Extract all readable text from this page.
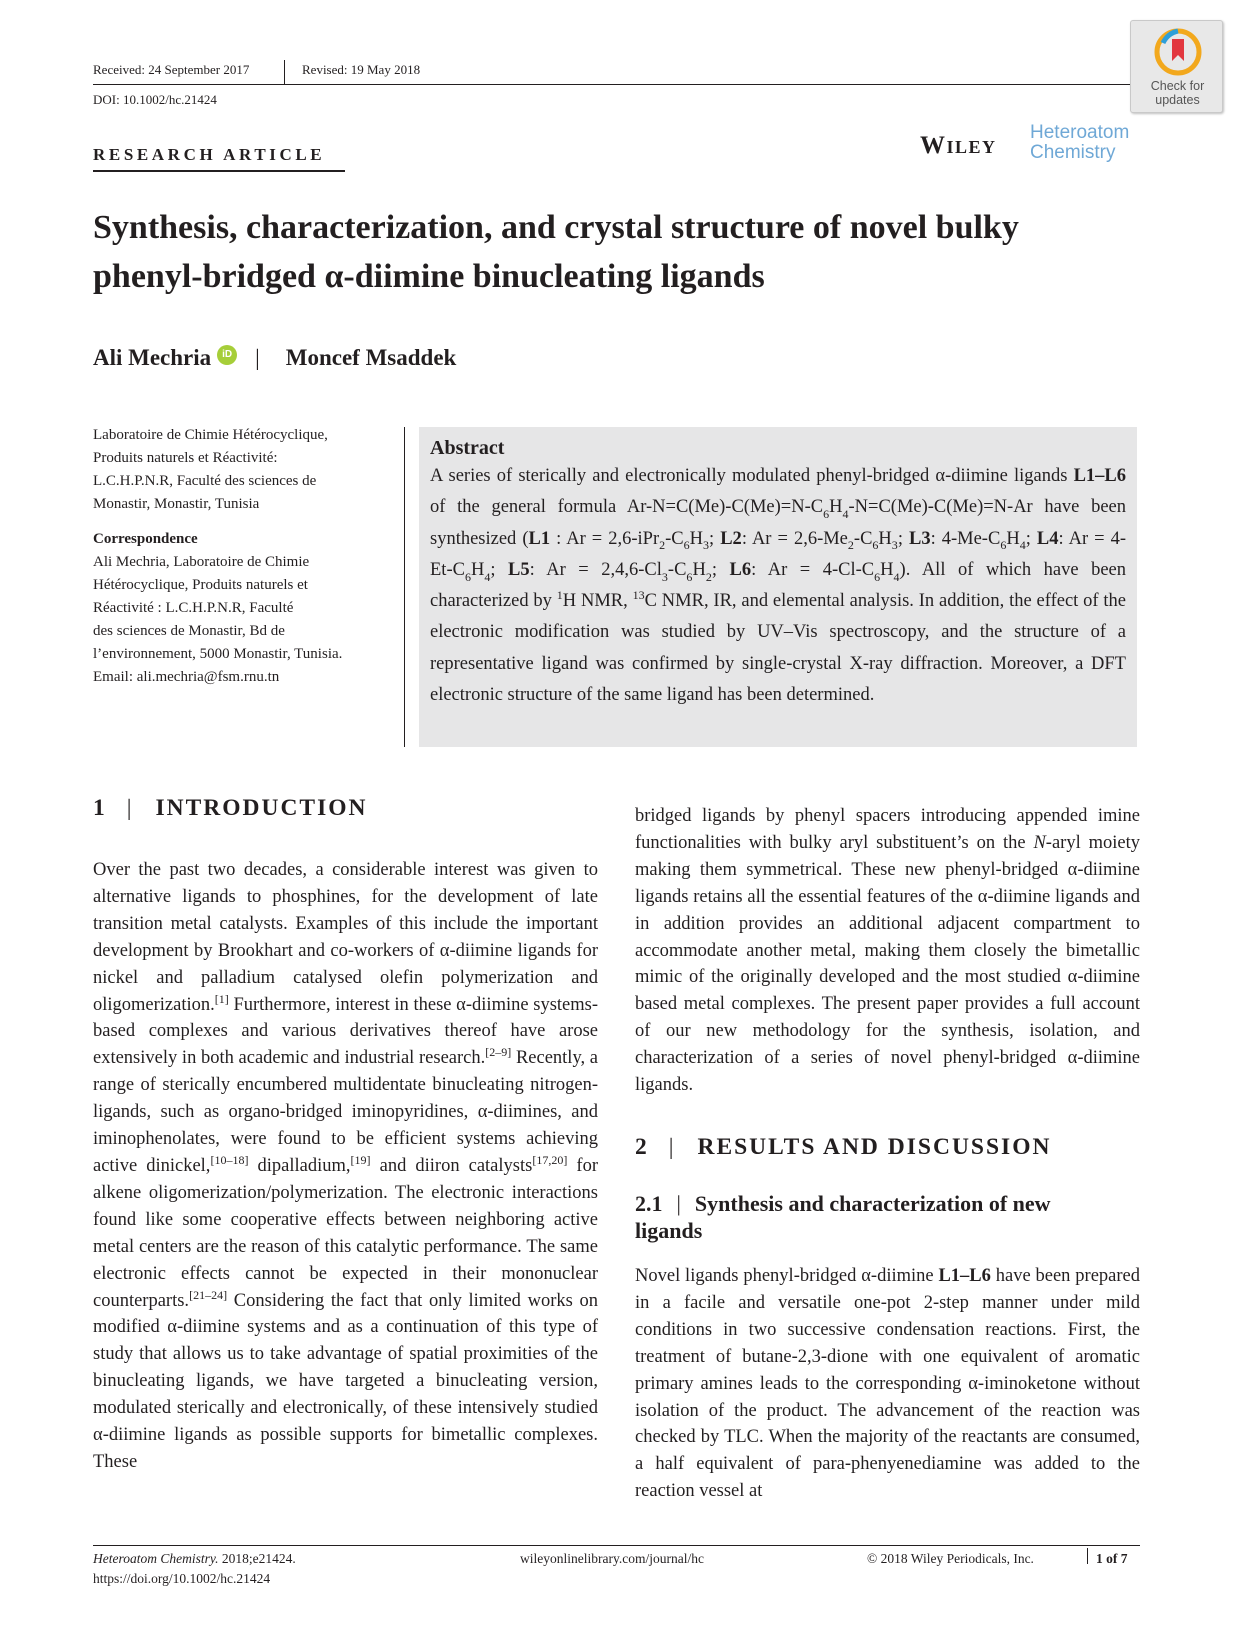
Received: 24 September 2017	Revised: 19 May 2018
DOI: 10.1002/hc.21424
Check for
updates
RESEARCH ARTICLE	Wiley Heteroatom
Chemistry
Synthesis, characterization, and crystal structure of novel bulky
phenyl-bridged α-diimine binucleating ligands
Ali Mechria	iD | Moncef Msaddek
Laboratoire de Chimie Hétérocyclique,
Produits naturels et Réactivité:
L.C.H.P.N.R, Faculté des sciences de
Monastir, Monastir, Tunisia
Correspondence
Ali Mechria, Laboratoire de Chimie
Hétérocyclique, Produits naturels et
Réactivité : L.C.H.P.N.R, Faculté
des sciences de Monastir, Bd de
l’environnement, 5000 Monastir, Tunisia.
Email: ali.mechria@fsm.rnu.tn
Abstract

A series of sterically and electronically modulated phenyl-bridged α-diimine ligands L1–L6 of the general formula $Ar-N=C(Me)-C(Me)=N-C_6H_4-N=C(Me)-C(Me)=N-Ar$ have been synthesized (L1 : $Ar = 2,6-iPr_2-C_6H_3$; L2: $Ar = 2,6-Me_2-C_6H_3$; L3: $4-Me-C_6H_4$; L4: $Ar = 4-Et-C_6H_4$; L5: $Ar = 2,4,6-Cl_3-C_6H_2$; L6: $Ar = 4-Cl-C_6H_4$). All of which have been characterized by $^1$H NMR, $^{13}$C NMR, IR, and elemental analysis. In addition, the effect of the electronic modification was studied by UV–Vis spectroscopy, and the structure of a representative ligand was confirmed by single-crystal X-ray diffraction. Moreover, a DFT electronic structure of the same ligand has been determined.

1 | INTRODUCTION
2 | RESULTS AND DISCUSSION
2.1 | Synthesis and characterization of new
ligands
Over the past two decades, a considerable interest was given to alternative ligands to phosphines, for the development of late transition metal catalysts. Examples of this include the important development by Brookhart and co-workers of α-diimine ligands for nickel and palladium catalysed olefin polymerization and oligomerization.[1] Furthermore, interest in these α-diimine systems-based complexes and various derivatives thereof have arose extensively in both academic and industrial research.[2–9] Recently, a range of sterically encumbered multidentate binucleating nitrogen-ligands, such as organo-bridged iminopyridines, α-diimines, and iminophenolates, were found to be efficient systems achieving active dinickel,[10–18] dipalladium,[19] and diiron catalysts[17,20] for alkene oligomerization/polymerization. The electronic interactions found like some cooperative effects between neighboring active metal centers are the reason of this catalytic performance. The same electronic effects cannot be expected in their mononuclear counterparts.[21–24] Considering the fact that only limited works on modified α-diimine systems and as a continuation of this type of study that allows us to take advantage of spatial proximities of the binucleating ligands, we have targeted a binucleating version, modulated sterically and electronically, of these intensively studied α-diimine ligands as possible supports for bimetallic complexes. These
bridged ligands by phenyl spacers introducing appended imine functionalities with bulky aryl substituent’s on the N-aryl moiety making them symmetrical. These new phenyl-bridged α-diimine ligands retains all the essential features of the α-diimine ligands and in addition provides an additional adjacent compartment to accommodate another metal, making them closely the bimetallic mimic of the originally developed and the most studied α-diimine based metal complexes. The present paper provides a full account of our new methodology for the synthesis, isolation, and characterization of a series of novel phenyl-bridged α-diimine ligands.
Novel ligands phenyl-bridged α-diimine L1–L6 have been prepared in a facile and versatile one-pot 2-step manner under mild conditions in two successive condensation reactions. First, the treatment of butane-2,3-dione with one equivalent of aromatic primary amines leads to the corresponding α-iminoketone without isolation of the product. The advancement of the reaction was checked by TLC. When the majority of the reactants are consumed, a half equivalent of para-phenyenediamine was added to the reaction vessel at
Heteroatom Chemistry. 2018;e21424.
https://doi.org/10.1002/hc.21424
wileyonlinelibrary.com/journal/hc	© 2018 Wiley Periodicals, Inc.	1 of 7
